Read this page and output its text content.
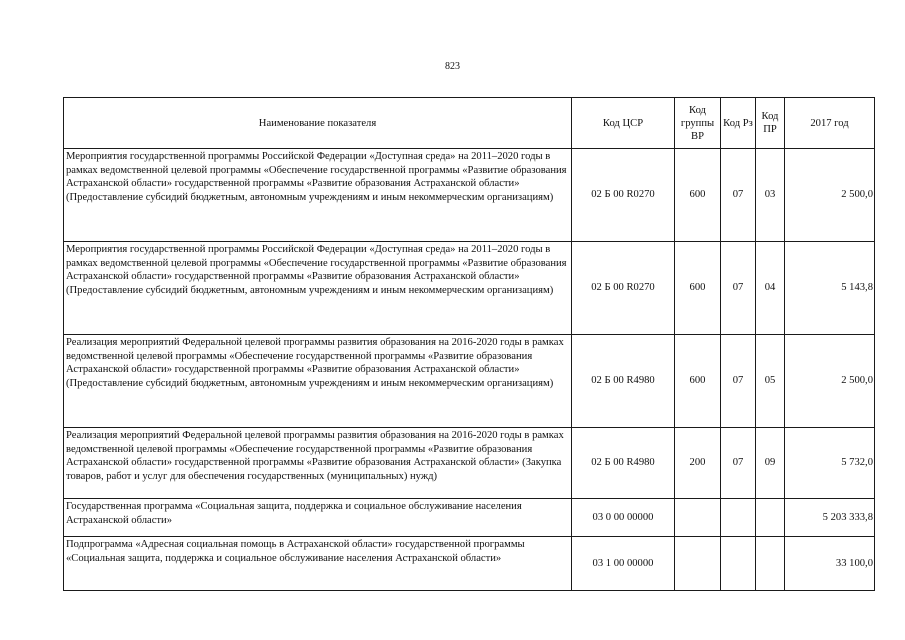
823
Наименование показателя	Код ЦСР	Код группы ВР	Код Рз	Код ПР	2017 год
Мероприятия государственной программы Российской Федерации «Доступная среда» на 2011–2020 годы в рамках ведомственной целевой программы «Обеспечение государственной программы «Развитие образования Астраханской области» государственной программы «Развитие образования Астраханской области» (Предоставление субсидий бюджетным, автономным учреждениям и иным некоммерческим организациям)	02 Б 00 R0270	600	07	03	2 500,0
Мероприятия государственной программы Российской Федерации «Доступная среда» на 2011–2020 годы в рамках ведомственной целевой программы «Обеспечение государственной программы «Развитие образования Астраханской области» государственной программы «Развитие образования Астраханской области» (Предоставление субсидий бюджетным, автономным учреждениям и иным некоммерческим организациям)	02 Б 00 R0270	600	07	04	5 143,8
Реализация мероприятий Федеральной целевой программы развития образования на 2016-2020 годы в рамках ведомственной целевой программы «Обеспечение государственной программы «Развитие образования Астраханской области» государственной программы «Развитие образования Астраханской области» (Предоставление субсидий бюджетным, автономным учреждениям и иным некоммерческим организациям)	02 Б 00 R4980	600	07	05	2 500,0
Реализация мероприятий Федеральной целевой программы развития образования на 2016-2020 годы в рамках ведомственной целевой программы «Обеспечение государственной программы «Развитие образования Астраханской области» государственной программы «Развитие образования Астраханской области» (Закупка товаров, работ и услуг для обеспечения государственных (муниципальных) нужд)	02 Б 00 R4980	200	07	09	5 732,0
Государственная программа «Социальная защита, поддержка и социальное обслуживание населения Астраханской области»	03 0 00 00000				5 203 333,8
Подпрограмма «Адресная социальная помощь в Астраханской области» государственной программы «Социальная защита, поддержка и социальное обслуживание населения Астраханской области»	03 1 00 00000				33 100,0
